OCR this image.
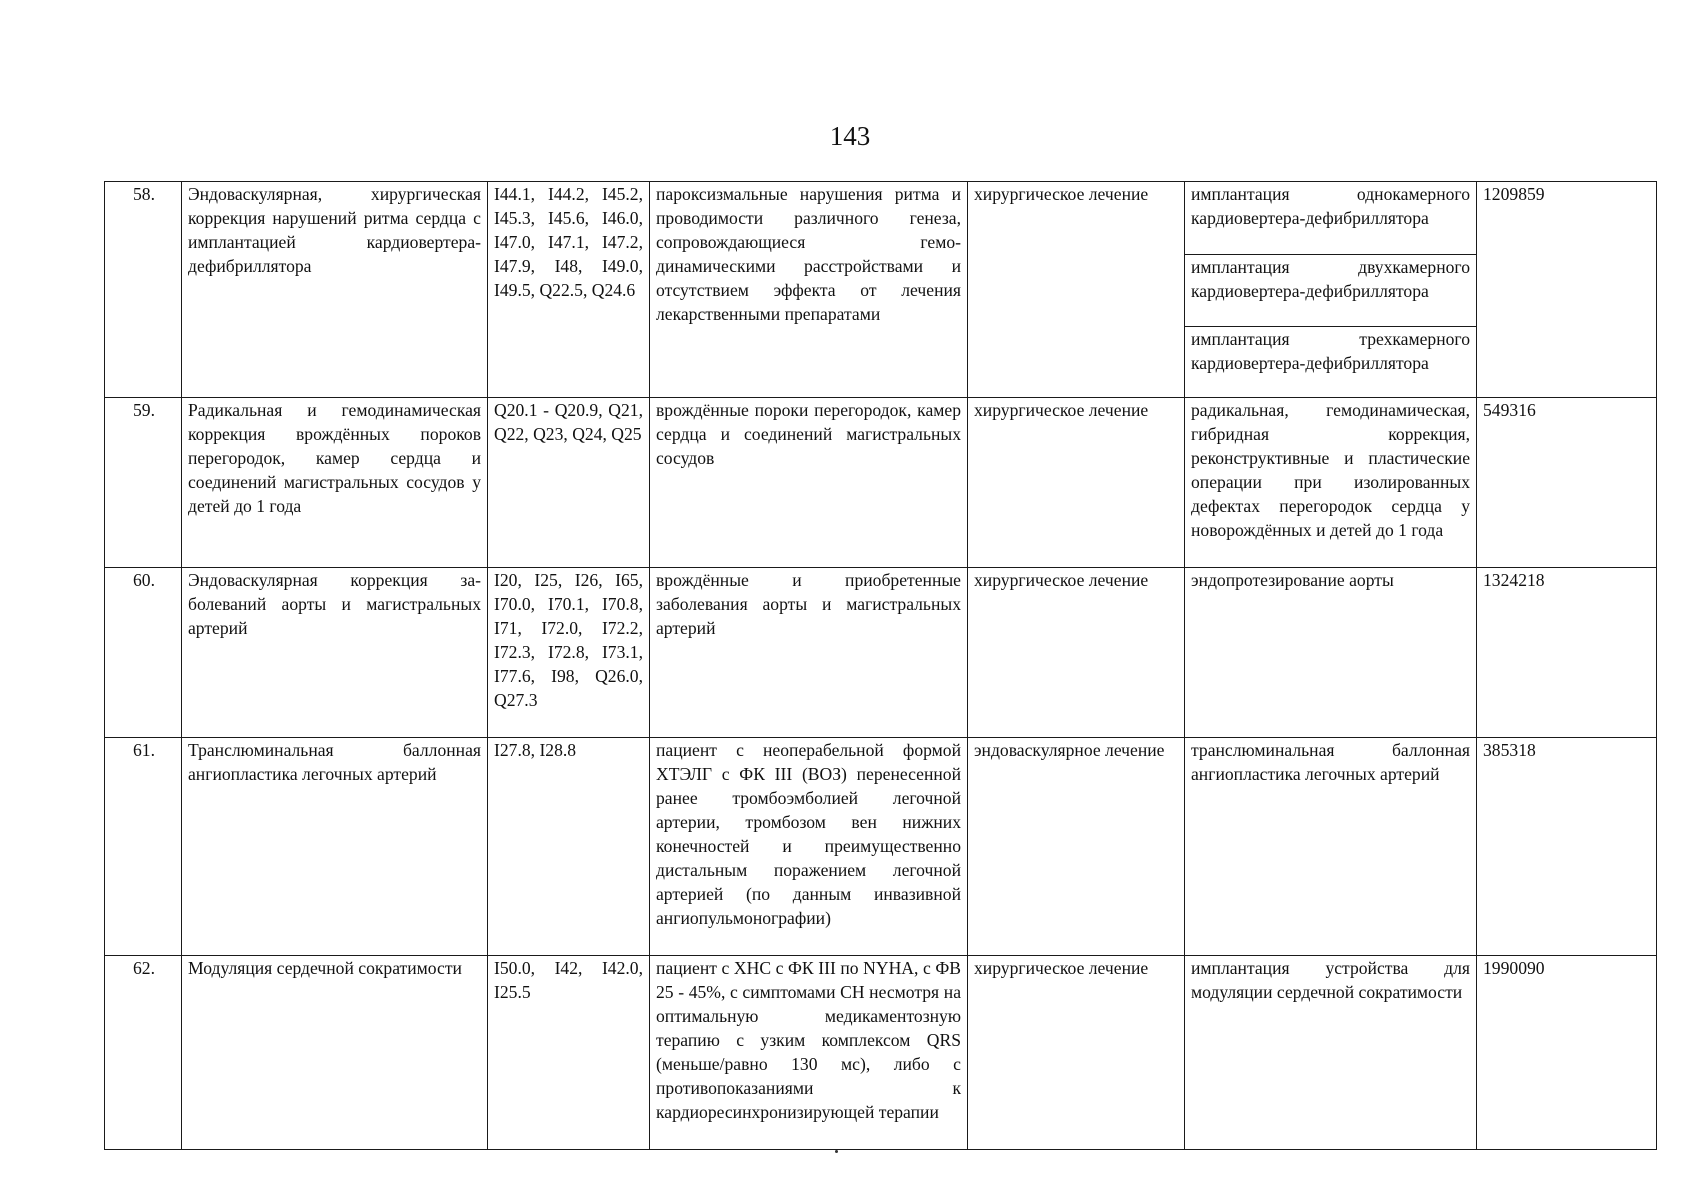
143
58.	Эндоваскулярная, хирургическая коррекция нарушений ритма сердца с имплантацией кардиовертера-дефибриллятора	I44.1, I44.2, I45.2, I45.3, I45.6, I46.0, I47.0, I47.1, I47.2, I47.9, I48, I49.0, I49.5, Q22.5, Q24.6	пароксизмальные нарушения ритма и проводимости различного генеза, сопровождающиеся гемодинамическими расстройствами и отсутствием эффекта от лечения лекарственными препаратами	хирургическое лечение	имплантация однокамерного кардиовертера-дефибриллятора
имплантация двухкамерного кардиовертера-дефибриллятора
имплантация трехкамерного кардиовертера-дефибриллятора	1209859
59.	Радикальная и гемодинамическая коррекция врождённых пороков перегородок, камер сердца и соединений магистральных сосудов у детей до 1 года	Q20.1 - Q20.9, Q21, Q22, Q23, Q24, Q25	врождённые пороки перегородок, камер сердца и соединений магистральных сосудов	хирургическое лечение	радикальная, гемодинамическая, гибридная коррекция, реконструктивные и пластические операции при изолированных дефектах перегородок сердца у новорождённых и детей до 1 года	549316
60.	Эндоваскулярная коррекция заболеваний аорты и магистральных артерий	I20, I25, I26, I65, I70.0, I70.1, I70.8, I71, I72.0, I72.2, I72.3, I72.8, I73.1, I77.6, I98, Q26.0, Q27.3	врождённые и приобретенные заболевания аорты и магистральных артерий	хирургическое лечение	эндопротезирование аорты	1324218
61.	Транслюминальная баллонная ангиопластика легочных артерий	I27.8, I28.8	пациент с неоперабельной формой ХТЭЛГ с ФК III (ВОЗ) перенесенной ранее тромбоэмболией легочной артерии, тромбозом вен нижних конечностей и преимущественно дистальным поражением легочной артерией (по данным инвазивной ангиопульмонографии)	эндоваскулярное лечение	транслюминальная баллонная ангиопластика легочных артерий	385318
62.	Модуляция сердечной сократимости	I50.0, I42, I42.0, I25.5	пациент с ХНС с ФК III по NYHA, с ФВ 25 - 45%, с симптомами СН несмотря на оптимальную медикаментозную терапию с узким комплексом QRS (меньше/равно 130 мс), либо с противопоказаниями к кардиоресинхронизирующей терапии	хирургическое лечение	имплантация устройства для модуляции сердечной сократимости	1990090
